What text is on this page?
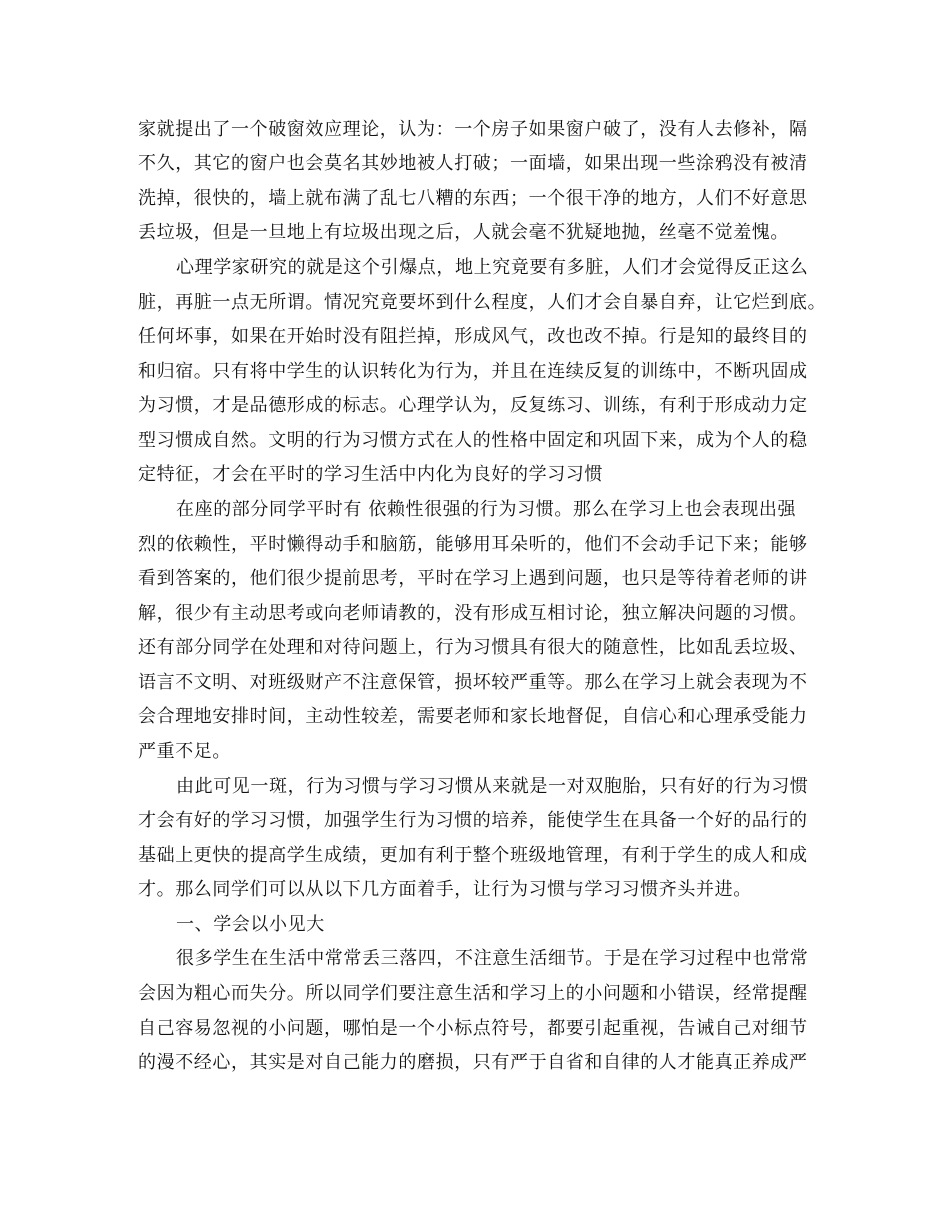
家就提出了一个破窗效应理论，认为：一个房子如果窗户破了，没有人去修补，隔
不久，其它的窗户也会莫名其妙地被人打破；一面墙，如果出现一些涂鸦没有被清
洗掉，很快的，墙上就布满了乱七八糟的东西；一个很干净的地方，人们不好意思
丢垃圾，但是一旦地上有垃圾出现之后，人就会毫不犹疑地抛，丝毫不觉羞愧。
心理学家研究的就是这个引爆点，地上究竟要有多脏，人们才会觉得反正这么
脏，再脏一点无所谓。情况究竟要坏到什么程度，人们才会自暴自弃，让它烂到底。
任何坏事，如果在开始时没有阻拦掉，形成风气，改也改不掉。行是知的最终目的
和归宿。只有将中学生的认识转化为行为，并且在连续反复的训练中，不断巩固成
为习惯，才是品德形成的标志。心理学认为，反复练习、训练，有利于形成动力定
型习惯成自然。文明的行为习惯方式在人的性格中固定和巩固下来，成为个人的稳
定特征，才会在平时的学习生活中内化为良好的学习习惯
在座的部分同学平时有 依赖性很强的行为习惯。那么在学习上也会表现出强
烈的依赖性，平时懒得动手和脑筋，能够用耳朵听的，他们不会动手记下来；能够
看到答案的，他们很少提前思考，平时在学习上遇到问题，也只是等待着老师的讲
解，很少有主动思考或向老师请教的，没有形成互相讨论，独立解决问题的习惯。
还有部分同学在处理和对待问题上，行为习惯具有很大的随意性，比如乱丢垃圾、
语言不文明、对班级财产不注意保管，损坏较严重等。那么在学习上就会表现为不
会合理地安排时间，主动性较差，需要老师和家长地督促，自信心和心理承受能力
严重不足。
由此可见一斑，行为习惯与学习习惯从来就是一对双胞胎，只有好的行为习惯
才会有好的学习习惯，加强学生行为习惯的培养，能使学生在具备一个好的品行的
基础上更快的提高学生成绩，更加有利于整个班级地管理，有利于学生的成人和成
才。那么同学们可以从以下几方面着手，让行为习惯与学习习惯齐头并进。
一、学会以小见大
很多学生在生活中常常丢三落四，不注意生活细节。于是在学习过程中也常常
会因为粗心而失分。所以同学们要注意生活和学习上的小问题和小错误，经常提醒
自己容易忽视的小问题，哪怕是一个小标点符号，都要引起重视，告诫自己对细节
的漫不经心，其实是对自己能力的磨损，只有严于自省和自律的人才能真正养成严
